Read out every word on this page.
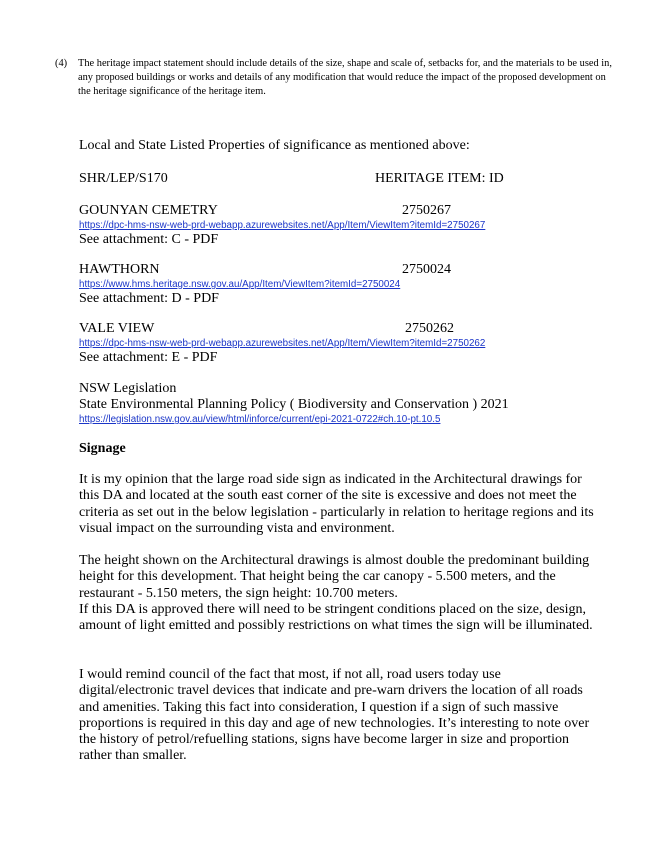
(4) The heritage impact statement should include details of the size, shape and scale of, setbacks for, and the materials to be used in, any proposed buildings or works and details of any modification that would reduce the impact of the proposed development on the heritage significance of the heritage item.
Local and State Listed Properties of significance as mentioned above:
SHR/LEP/S170	HERITAGE ITEM: ID
GOUNYAN CEMETRY	2750267
https://dpc-hms-nsw-web-prd-webapp.azurewebsites.net/App/Item/ViewItem?itemId=2750267
See attachment: C - PDF
HAWTHORN	2750024
https://www.hms.heritage.nsw.gov.au/App/Item/ViewItem?itemId=2750024
See attachment: D - PDF
VALE VIEW	2750262
https://dpc-hms-nsw-web-prd-webapp.azurewebsites.net/App/Item/ViewItem?itemId=2750262
See attachment: E - PDF
NSW Legislation
State Environmental Planning Policy ( Biodiversity and Conservation ) 2021
https://legislation.nsw.gov.au/view/html/inforce/current/epi-2021-0722#ch.10-pt.10.5
Signage
It is my opinion that the large road side sign as indicated in the Architectural drawings for this DA and located at the south east corner of the site is excessive and does not meet the criteria as set out in the below legislation - particularly in relation to heritage regions and its visual impact on the surrounding vista and environment.
The height shown on the Architectural drawings is almost double the predominant building height for this development. That height being the car canopy - 5.500 meters, and the restaurant - 5.150 meters, the sign height: 10.700 meters.
If this DA is approved there will need to be stringent conditions placed on the size, design, amount of light emitted and possibly restrictions on what times the sign will be illuminated.
I would remind council of the fact that most, if not all, road users today use digital/electronic travel devices that indicate and pre-warn drivers the location of all roads and amenities. Taking this fact into consideration, I question if a sign of such massive proportions is required in this day and age of new technologies. It’s interesting to note over the history of petrol/refuelling stations, signs have become larger in size and proportion rather than smaller.
